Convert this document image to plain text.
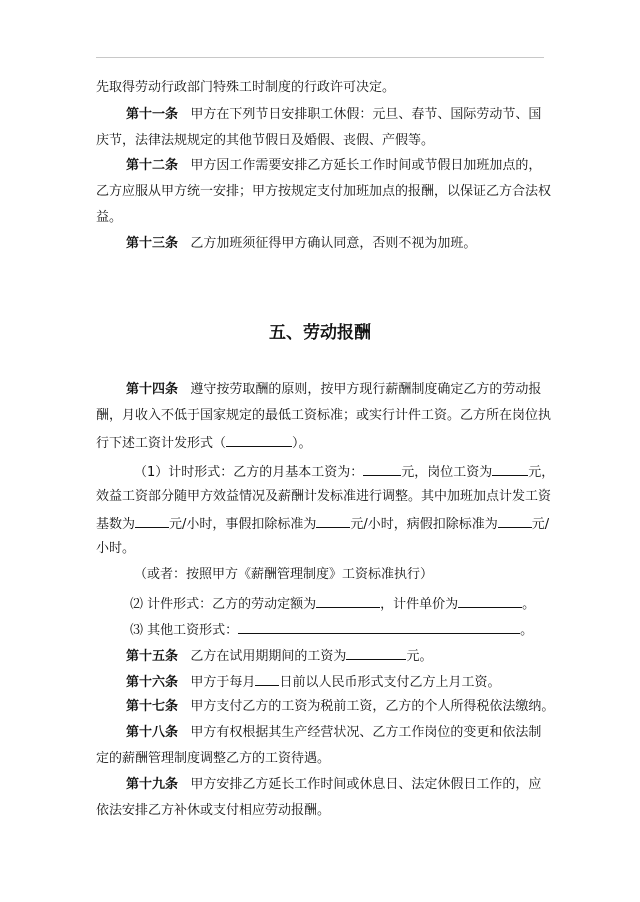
先取得劳动行政部门特殊工时制度的行政许可决定。
第十一条 甲方在下列节日安排职工休假：元旦、春节、国际劳动节、国
庆节，法律法规规定的其他节假日及婚假、丧假、产假等。
第十二条 甲方因工作需要安排乙方延长工作时间或节假日加班加点的，
乙方应服从甲方统一安排；甲方按规定支付加班加点的报酬，以保证乙方合法权
益。
第十三条 乙方加班须征得甲方确认同意，否则不视为加班。
五、劳动报酬
第十四条 遵守按劳取酬的原则，按甲方现行薪酬制度确定乙方的劳动报
酬，月收入不低于国家规定的最低工资标准；或实行计件工资。乙方所在岗位执
行下述工资计发形式（	）。
（1）计时形式：乙方的月基本工资为：	元，岗位工资为	元，
效益工资部分随甲方效益情况及薪酬计发标准进行调整。其中加班加点计发工资
基数为	元/小时，事假扣除标准为	元/小时，病假扣除标准为	元/
小时。
（或者：按照甲方《薪酬管理制度》工资标准执行）
⑵ 计件形式：乙方的劳动定额为	，计件单价为	。
⑶ 其他工资形式：	。
第十五条 乙方在试用期期间的工资为	元。
第十六条 甲方于每月 日前以人民币形式支付乙方上月工资。
第十七条 甲方支付乙方的工资为税前工资，乙方的个人所得税依法缴纳。
第十八条 甲方有权根据其生产经营状况、乙方工作岗位的变更和依法制
定的薪酬管理制度调整乙方的工资待遇。
第十九条 甲方安排乙方延长工作时间或休息日、法定休假日工作的，应
依法安排乙方补休或支付相应劳动报酬。
